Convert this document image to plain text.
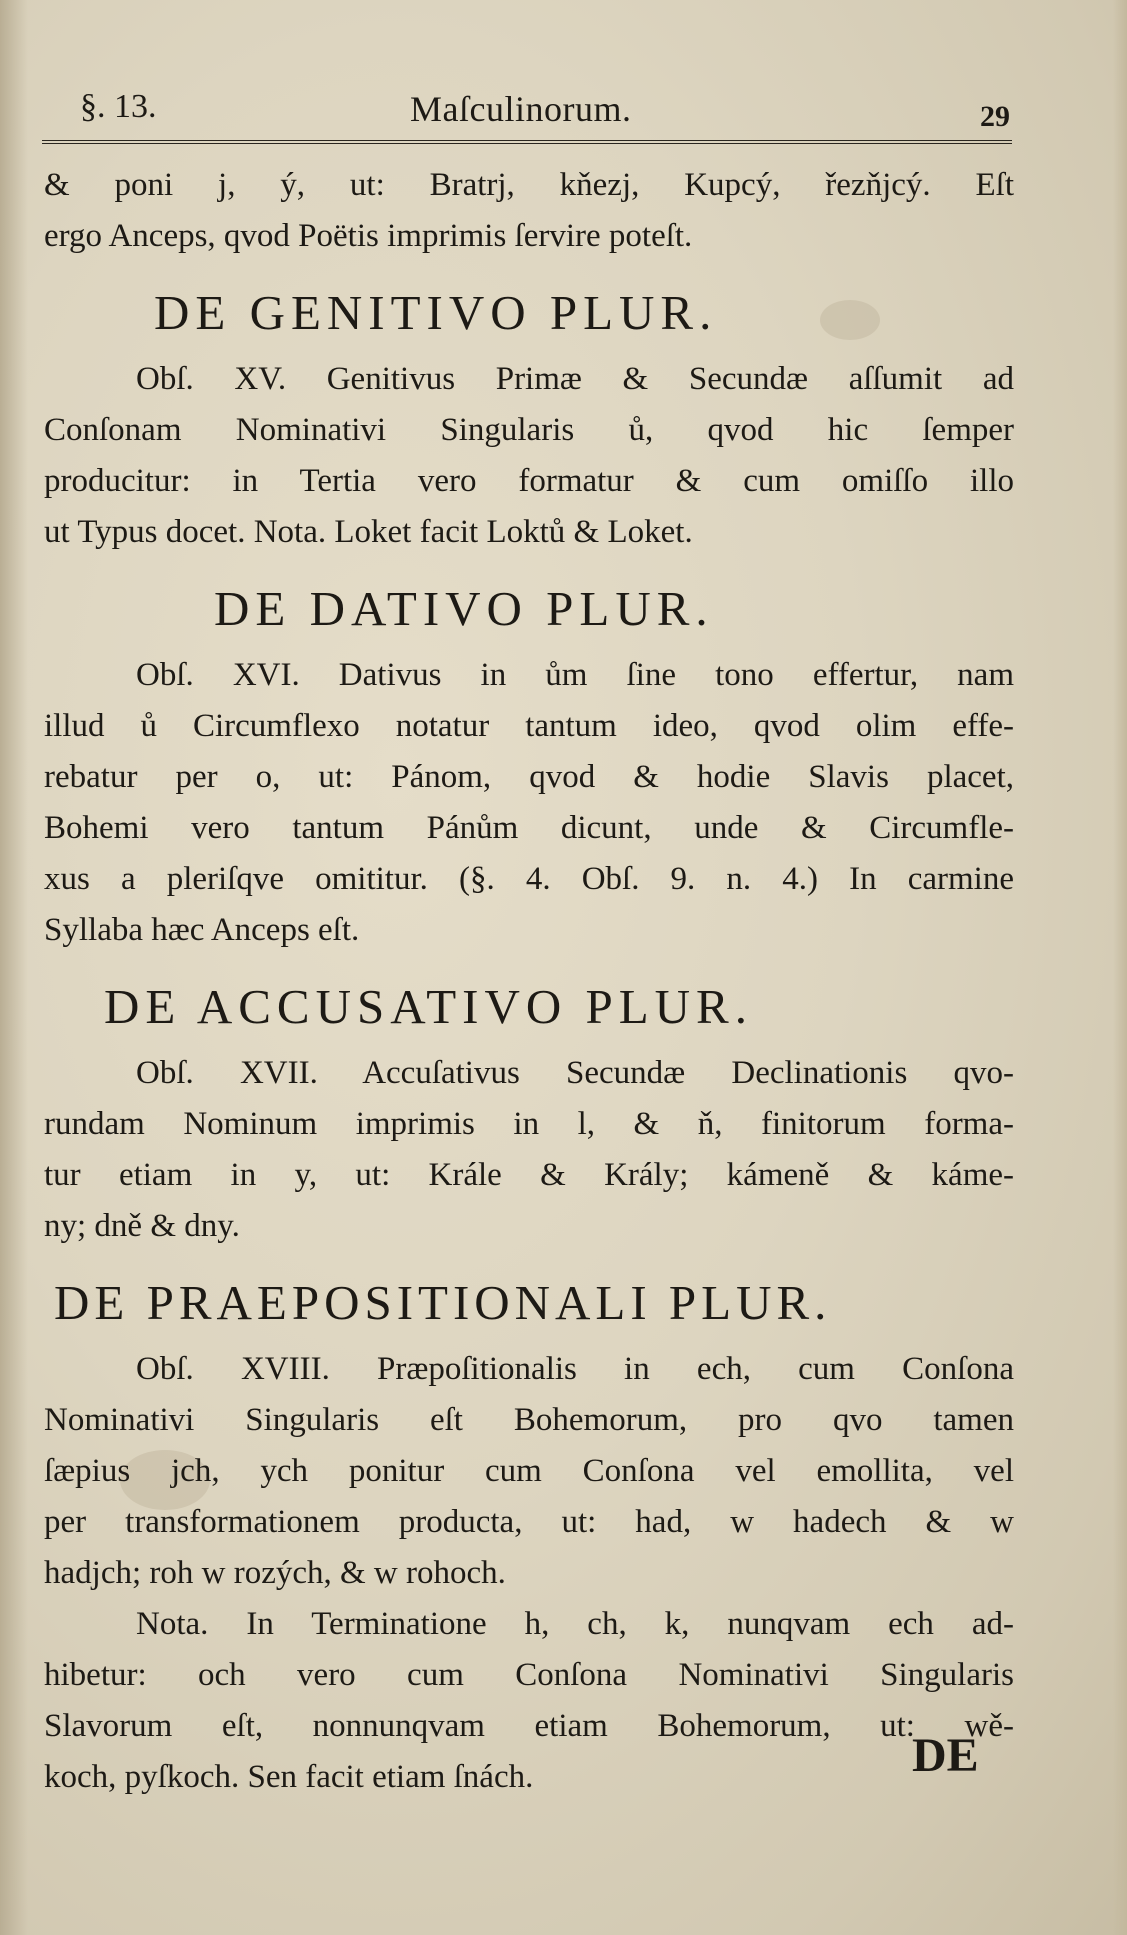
§. 13.	Maſculinorum.	29
& poni j, ý, ut: Bratrj, kňezj, Kupcý, řezňjcý. Eſt
ergo Anceps, qvod Poëtis imprimis ſervire poteſt.
DE GENITIVO PLUR.
Obſ. XV. Genitivus Primæ & Secundæ aſſumit ad
Conſonam Nominativi Singularis ů, qvod hic ſemper
producitur: in Tertia vero formatur & cum omiſſo illo
ut Typus docet. Nota. Loket facit Loktů & Loket.
DE DATIVO PLUR.
Obſ. XVI. Dativus in ům ſine tono effertur, nam
illud ů Circumflexo notatur tantum ideo, qvod olim effe-
rebatur per o, ut: Pánom, qvod & hodie Slavis placet,
Bohemi vero tantum Pánům dicunt, unde & Circumfle-
xus a pleriſqve omititur. (§. 4. Obſ. 9. n. 4.) In carmine
Syllaba hæc Anceps eſt.
DE ACCUSATIVO PLUR.
Obſ. XVII. Accuſativus Secundæ Declinationis qvo-
rundam Nominum imprimis in l, & ň, finitorum forma-
tur etiam in y, ut: Krále & Krály; kámeně & káme-
ny; dně & dny.
DE PRAEPOSITIONALI PLUR.
Obſ. XVIII. Præpoſitionalis in ech, cum Conſona
Nominativi Singularis eſt Bohemorum, pro qvo tamen
ſæpius jch, ych ponitur cum Conſona vel emollita, vel
per transformationem producta, ut: had, w hadech & w
hadjch; roh w rozých, & w rohoch.
Nota. In Terminatione h, ch, k, nunqvam ech ad-
hibetur: och vero cum Conſona Nominativi Singularis
Slavorum eſt, nonnunqvam etiam Bohemorum, ut: wě-
koch, pyſkoch. Sen facit etiam ſnách.	DE
